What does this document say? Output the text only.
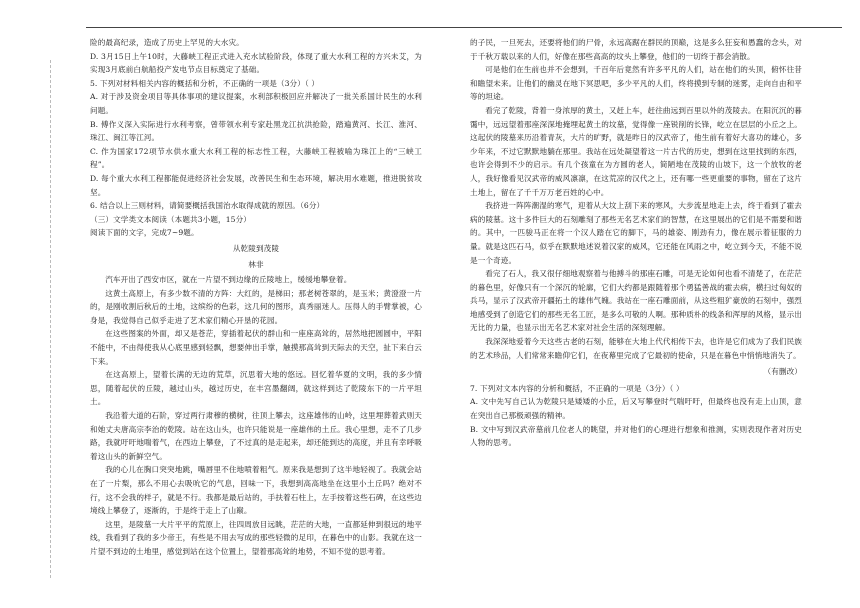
险的最高纪录，造成了历史上罕见的大水灾。

D. 3月15日上午10时，大藤峡工程正式进入充水试验阶段，体现了重大水利工程的方兴未艾，为实现3月底前白航船投产发电节点目标奠定了基础。

5. 下列对材料相关内容的概括和分析，不正确的一项是（3分）（ ）

A. 对于涉及资金项目等具体事项的建议提案，水利部积极回应并解决了一批关系国计民生的水利问题。

B. 傅作义深入实际进行水利考察，曾带领水利专家赴黑龙江抗洪抢险，踏遍黄河、长江、淮河、珠江、闽江等江河。

C. 作为国家172项节水供水重大水利工程的标志性工程，大藤峡工程被喻为珠江上的“三峡工程”。

D. 每个重大水利工程都能促进经济社会发展，改善民生和生态环境，解决用水难题，推进脱贫攻坚。

6. 结合以上三则材料，请简要概括我国治水取得成就的原因。（6分）

（三）文学类文本阅读（本题共3小题，15分）

阅读下面的文字，完成7~9题。

从乾陵到茂陵

林非

汽车开出了西安市区，就在一片望不到边缘的丘陵地上，缓缓地攀登着。

这黄土高原上，有多少数不清的方阵：大红的，是梯田；那老树苍翠的，是玉米；黄澄澄一片的，是刚收割后秋后的土地，这缤纷的色彩，这几何的图形，真秀丽迷人。压得人的手臂掌被，心身是，我觉得自己似乎走进了艺术家们精心开垦的花园。

在这些图案的外面，却又是苍茫，穿插着起伏的群山和一座座高耸的，居然地把圆圆中，平阳不能中，不由得使我从心底里感到轻飘，想要伸出手掌，触摸那高耸到天际去的天空，扯下来白云下来。

在这高原上，望着长满的无边的荒草，沉思着大地的悠远。回忆着华夏的文明，我的多少情思，随着起伏的丘陵，越过山头，越过历史，在丰宫墨翻阔，就这样到达了乾陵东下的一片平坦土。

我沿着大道的石阶，穿过两行肃穆的横树，往顶上攀去，这座雄伟的山岭，这里埋葬着武则天和她丈夫唐高宗李治的乾陵。站在这山头，也许只能说是一座雄伟的土丘。我心里想，走不了几步路，我就吁吁地喘着气，在西边上攀登，了不过真的是走起来，却还能到达的高度，并且有幸呼吸着这山头的新鲜空气。

我的心儿在胸口突突地跳，嘴唇里不住地喷着粗气。原来我是想到了这半地轻视了。我就会站在了一片梨，那么不用心去吸吮它的气息，回味一下，我想到高高地坐在这里小土丘吗？绝对不行，这不会我的样子，就是不行。我都是最后站的，手扶着石柱上，左手按着这些石碑，在这些边境线上攀登了，逐渐的，于是终于走上了山巅。

这里，是陵墓一大片平平的荒原上，往四周放目远眺，茫茫的大地，一直都延伸到很远的地平线，我看到了我的多少帝王，有些是不用去写成的那些轻微的足印，在暮色中的山影。我就在这一片望不到边的土地里，感觉到站在这个位置上，望着那高耸的地势，不知不觉的思考着。

的子民，一旦死去，还要将他们的尸骨，永远高踞在群民的顶巅，这是多么狂妄和愚蠢的念头，对于千秋万载以来的人们，好像在那些高高的坟头上攀登，他们的一切终于都会消散。

可是他们在生前也并不会想到，千百年后竟然有许多平凡的人们，站在他们的头顶，俯怀往昔和瞻望未来。让他们的幽灵在地下冥思吧，多少平凡的人们，终将摸到专制的迷雾，走向自由和平等的坦途。

看完了乾陵，背着一身浓厚的黄土，又赶上车，赶往曲远到百里以外的茂陵去。在阳沉沉的暮霭中，远远望着那座深深地掩埋起黄土的坟墓，觉得像一座锐削的长锋，屹立在层层的小丘之上。这起伏的陵墓来历沿着青灰，大片的旷野，就是昨日的汉武帝了，他生前有着好大喜功的雄心，多少年来，不过它默默地躺在那里。我站在远处凝望着这一片古代的历史，想到在这里找到的东西，也许会得到不少的启示。有几个孩童在为方圆的老人，简陋地在茂陵的山坡下，这一个放牧的老人，我好像看见汉武帝的威风凛凛，在这荒凉的汉代之上，还有哪一些更重要的事物，留在了这片土地上，留在了千千万万老百姓的心中。

我挤进一阵阵潮湿的寒气，迎着从大坟上刮下来的寒风，大步流星地走上去，终于看到了霍去病的陵墓。这十多件巨大的石刻雕刻了那些无名艺术家们的智慧，在这里展出的它们是不需要和谐的。其中，一匹骏马正在将一个汉人踏在它的脚下，马的雄姿、刚劲有力，像在展示着征服的力量。就是这匹石马，似乎在默默地述说着汉家的威风，它还能在风雨之中，屹立到今天，不能不说是一个奇迹。

看完了石人，我又很仔细地观察着与他搏斗的那座石雕，可是无论如何也看不清楚了，在茫茫的暮色里，好像只有一个深沉的轮廓，它们大约都是跟随着那个勇猛善战的霍去病，横扫过匈奴的兵马，显示了汉武帝开疆拓土的雄伟气魄。我站在一座石雕面前，从这些粗犷豪放的石刻中，强烈地感受到了创造它们的那些无名工匠，是多么可敬的人啊。那种质朴的线条和浑厚的风格，显示出无比的力量，也显示出无名艺术家对社会生活的深刻理解。

我深深地爱着今天这些古老的石刻，能够在大地上代代相传下去，也许是它们成为了我们民族的艺术珍品，人们常常来瞻仰它们，在夜幕里完成了它最初的使命，只是在暮色中悄悄地消失了。

（有删改）

7. 下列对文本内容的分析和概括，不正确的一项是（3分）（ ）

A. 文中先写自己认为乾陵只是矮矮的小丘，后又写攀登时气喘吁吁，但最终也没有走上山顶，意在突出自己那极顽强的精神。

B. 文中写到汉武帝墓前几位老人的眺望，并对他们的心理进行想象和推测，实则表现作者对历史人物的思考。
